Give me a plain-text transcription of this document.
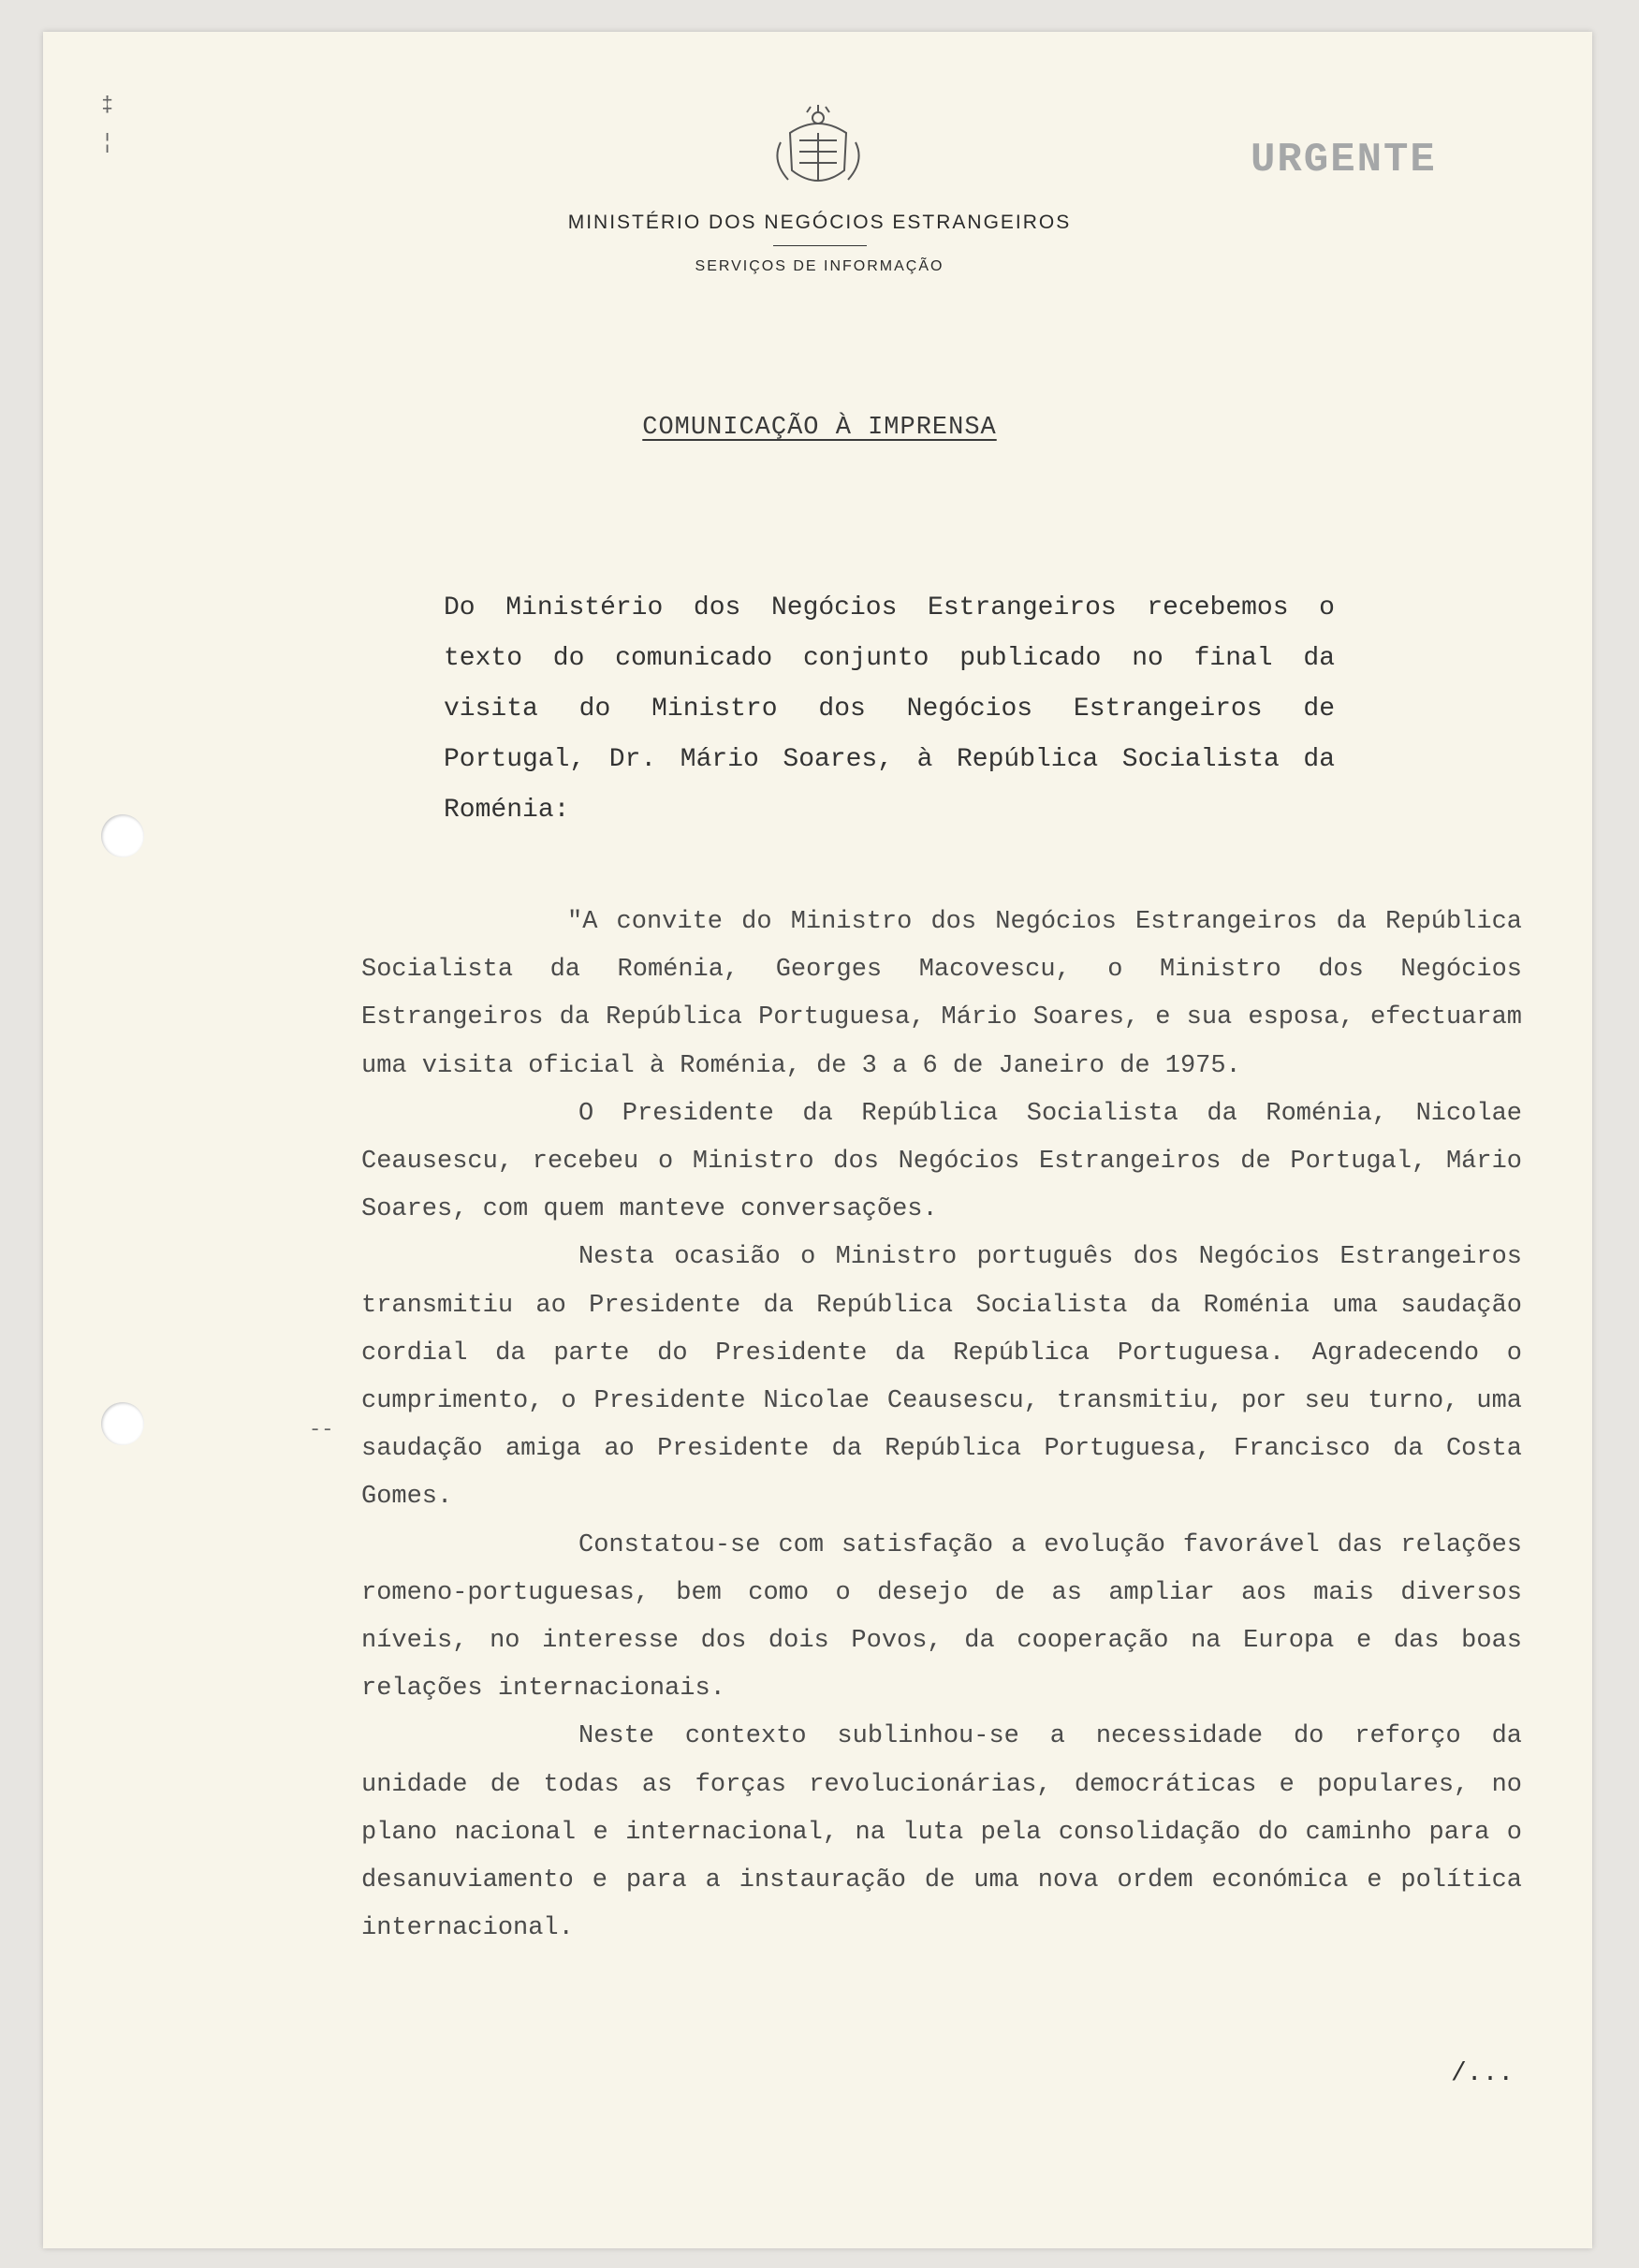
‡
¦
‑‑
MINISTÉRIO DOS NEGÓCIOS ESTRANGEIROS
SERVIÇOS DE INFORMAÇÃO
URGENTE
COMUNICAÇÃO À IMPRENSA
Do Ministério dos Negócios Estrangeiros recebemos o texto do comunicado conjunto publicado no final da visita do Ministro dos Negócios Estrangeiros de Portugal, Dr. Mário Soares, à República Socialista da Roménia:

"A convite do Ministro dos Negócios Estrangeiros da República Socialista da Roménia, Georges Macovescu, o Ministro dos Negócios Estrangeiros da República Portuguesa, Mário Soares, e sua esposa, efectuaram uma visita oficial à Roménia, de 3 a 6 de Janeiro de 1975.

O Presidente da República Socialista da Roménia, Nicolae Ceausescu, recebeu o Ministro dos Negócios Estrangeiros de Portugal, Mário Soares, com quem manteve conversações.

Nesta ocasião o Ministro português dos Negócios Estrangeiros transmitiu ao Presidente da República Socialista da Roménia uma saudação cordial da parte do Presidente da República Portuguesa. Agradecendo o cumprimento, o Presidente Nicolae Ceausescu, transmitiu, por seu turno, uma saudação amiga ao Presidente da República Portuguesa, Francisco da Costa Gomes.

Constatou-se com satisfação a evolução favorável das relações romeno-portuguesas, bem como o desejo de as ampliar aos mais diversos níveis, no interesse dos dois Povos, da cooperação na Europa e das boas relações internacionais.

Neste contexto sublinhou-se a necessidade do reforço da unidade de todas as forças revolucionárias, democráticas e populares, no plano nacional e internacional, na luta pela consolidação do caminho para o desanuviamento e para a instauração de uma nova ordem económica e política internacional.

/...
